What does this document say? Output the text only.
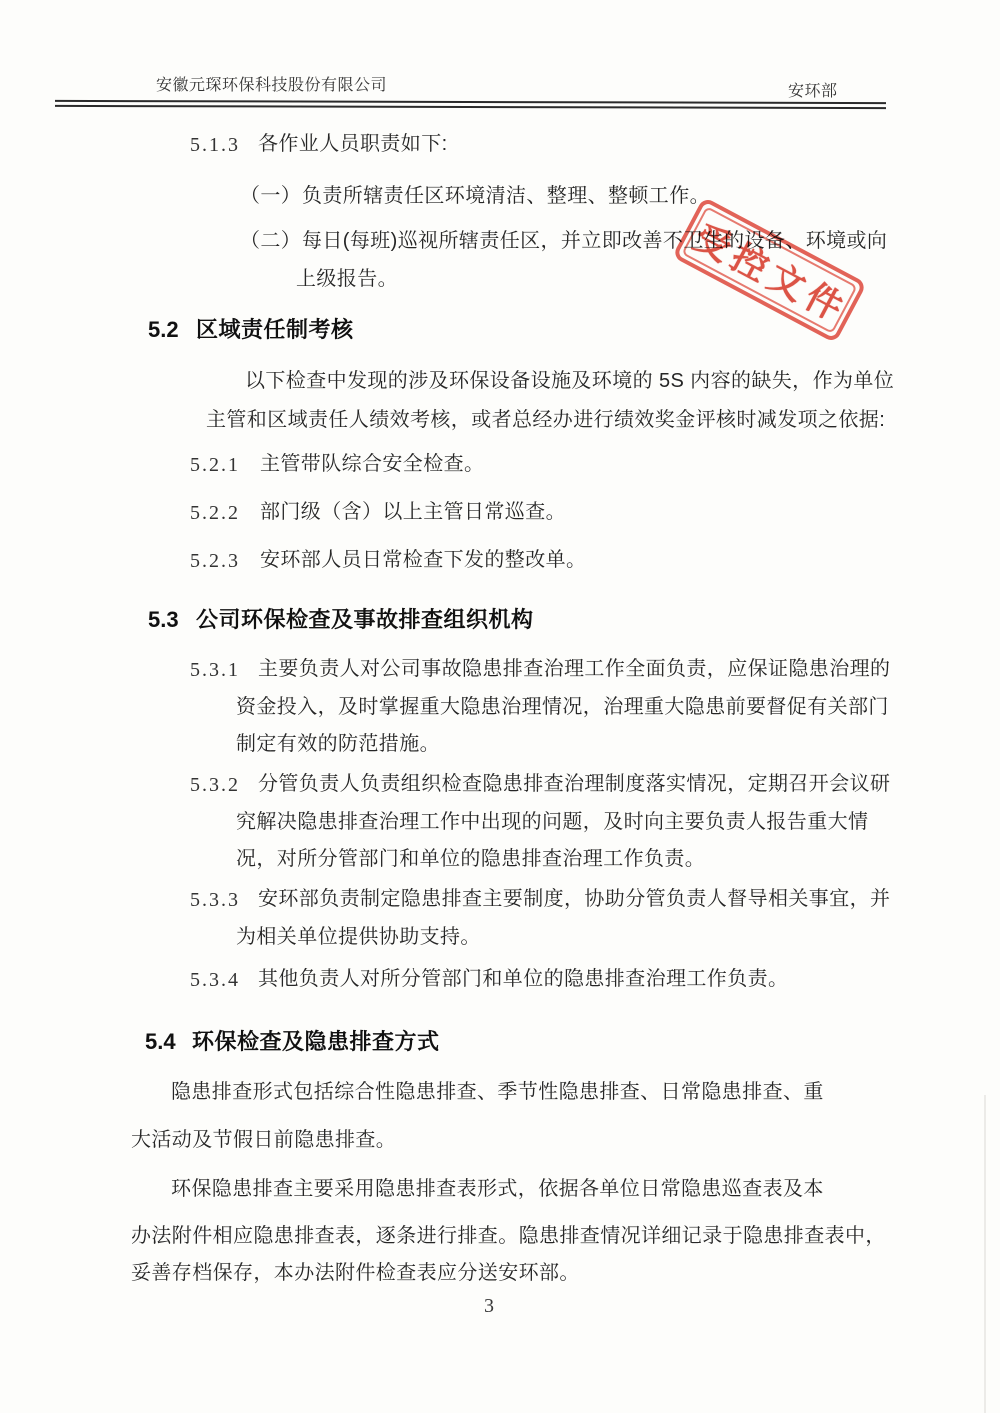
安徽元琛环保科技股份有限公司	安环部
5.1.3 各作业人员职责如下:
（一） 负责所辖责任区环境清洁、整理、整顿工作。
（二） 每日(每班)巡视所辖责任区，并立即改善不卫生的设备、环境或向
上级报告。	受控文件
5.2 区域责任制考核
以下检查中发现的涉及环保设备设施及环境的 5S 内容的缺失，作为单位
主管和区域责任人绩效考核，或者总经办进行绩效奖金评核时减发项之依据:
5.2.1 主管带队综合安全检查。
5.2.2 部门级（含）以上主管日常巡查。
5.2.3 安环部人员日常检查下发的整改单。
5.3 公司环保检查及事故排查组织机构
5.3.1 主要负责人对公司事故隐患排查治理工作全面负责，应保证隐患治理的
资金投入，及时掌握重大隐患治理情况，治理重大隐患前要督促有关部门
制定有效的防范措施。
5.3.2 分管负责人负责组织检查隐患排查治理制度落实情况，定期召开会议研
究解决隐患排查治理工作中出现的问题，及时向主要负责人报告重大情
况，对所分管部门和单位的隐患排查治理工作负责。
5.3.3 安环部负责制定隐患排查主要制度，协助分管负责人督导相关事宜，并
为相关单位提供协助支持。
5.3.4 其他负责人对所分管部门和单位的隐患排查治理工作负责。
5.4 环保检查及隐患排查方式
隐患排查形式包括综合性隐患排查、季节性隐患排查、日常隐患排查、重
大活动及节假日前隐患排查。
环保隐患排查主要采用隐患排查表形式，依据各单位日常隐患巡查表及本
办法附件相应隐患排查表，逐条进行排查。隐患排查情况详细记录于隐患排查表中，
妥善存档保存，本办法附件检查表应分送安环部。
3
